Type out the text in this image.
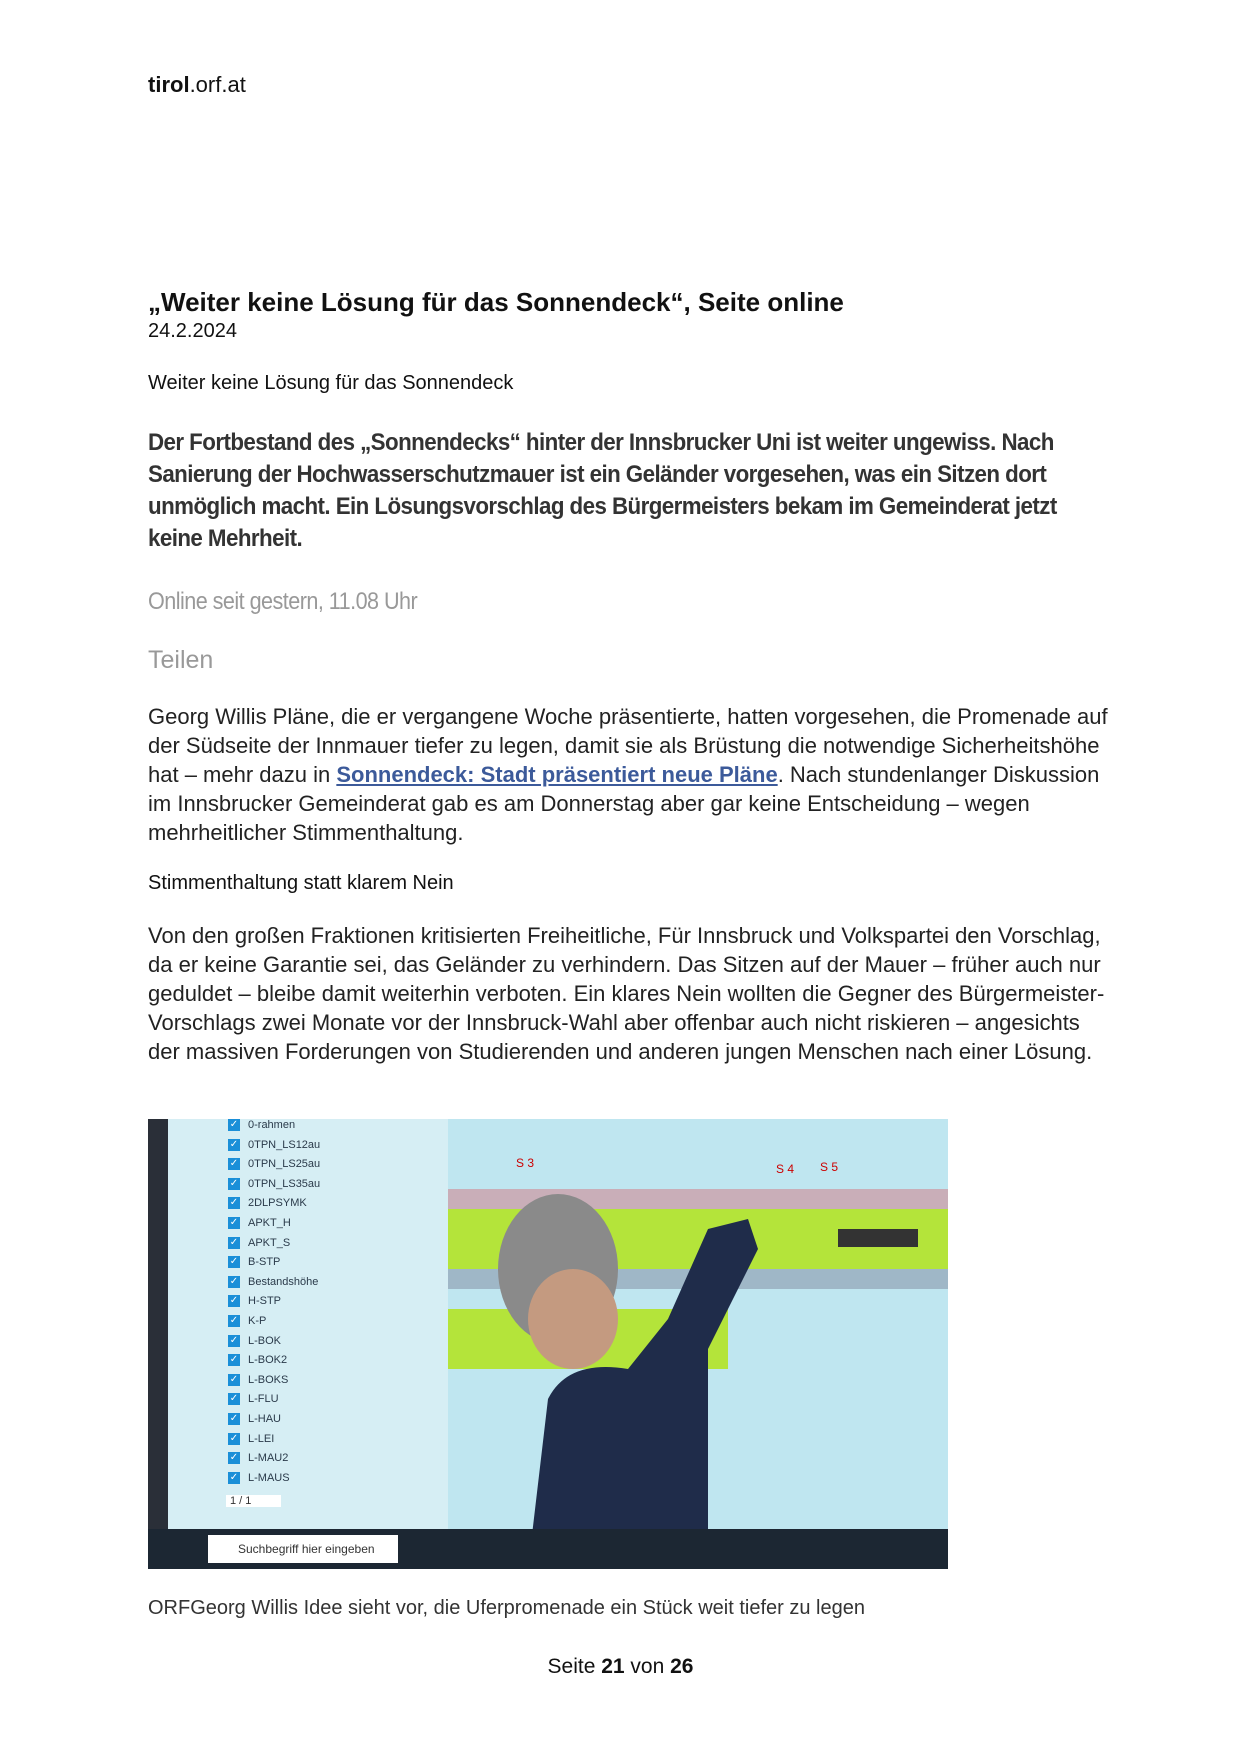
tirol.orf.at
„Weiter keine Lösung für das Sonnendeck“, Seite online
24.2.2024
Weiter keine Lösung für das Sonnendeck
Der Fortbestand des „Sonnendecks“ hinter der Innsbrucker Uni ist weiter ungewiss. Nach Sanierung der Hochwasserschutzmauer ist ein Geländer vorgesehen, was ein Sitzen dort unmöglich macht. Ein Lösungsvorschlag des Bürgermeisters bekam im Gemeinderat jetzt keine Mehrheit.
Online seit gestern, 11.08 Uhr
Teilen
Georg Willis Pläne, die er vergangene Woche präsentierte, hatten vorgesehen, die Promenade auf der Südseite der Innmauer tiefer zu legen, damit sie als Brüstung die notwendige Sicherheitshöhe hat – mehr dazu in Sonnendeck: Stadt präsentiert neue Pläne. Nach stundenlanger Diskussion im Innsbrucker Gemeinderat gab es am Donnerstag aber gar keine Entscheidung – wegen mehrheitlicher Stimmenthaltung.
Stimmenthaltung statt klarem Nein
Von den großen Fraktionen kritisierten Freiheitliche, Für Innsbruck und Volkspartei den Vorschlag, da er keine Garantie sei, das Geländer zu verhindern. Das Sitzen auf der Mauer – früher auch nur geduldet – bleibe damit weiterhin verboten. Ein klares Nein wollten die Gegner des Bürgermeister-Vorschlags zwei Monate vor der Innsbruck-Wahl aber offenbar auch nicht riskieren – angesichts der massiven Forderungen von Studierenden und anderen jungen Menschen nach einer Lösung.
✓ 0-rahmen
✓ 0TPN_LS12au
✓ 0TPN_LS25au
✓ 0TPN_LS35au
✓ 2DLPSYMK
✓ APKT_H
✓ APKT_S
✓ B-STP
✓ Bestandshöhe
✓ H-STP
✓ K-P
✓ L-BOK
✓ L-BOK2
✓ L-BOKS
✓ L-FLU
✓ L-HAU
✓ L-LEI
✓ L-MAU2
✓ L-MAUS
S 3	S 4 S 5
1 / 1
Suchbegriff hier eingeben
ORFGeorg Willis Idee sieht vor, die Uferpromenade ein Stück weit tiefer zu legen
Seite 21 von 26
